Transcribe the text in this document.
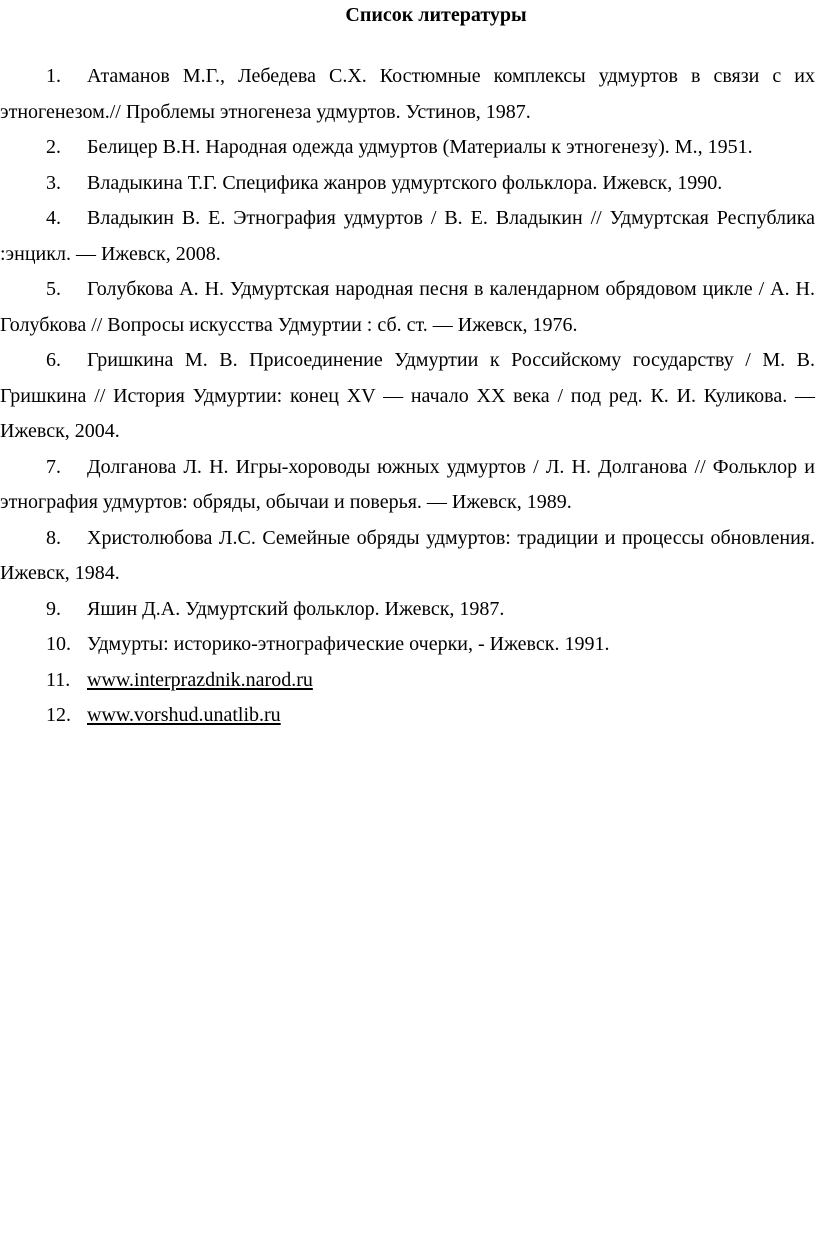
Список литературы
1. Атаманов М.Г., Лебедева С.Х. Костюмные комплексы удмуртов в связи с их этногенезом.// Проблемы этногенеза удмуртов. Устинов, 1987.
2. Белицер В.Н. Народная одежда удмуртов (Материалы к этногенезу). М., 1951.
3. Владыкина Т.Г. Специфика жанров удмуртского фольклора. Ижевск, 1990.
4. Владыкин В. Е. Этнография удмуртов / В. Е. Владыкин // Удмуртская Республика :энцикл. — Ижевск, 2008.
5. Голубкова А. Н. Удмуртская народная песня в календарном обрядовом цикле / А. Н. Голубкова // Вопросы искусства Удмуртии : сб. ст. — Ижевск, 1976.
6. Гришкина М. В. Присоединение Удмуртии к Российскому государству / М. В. Гришкина // История Удмуртии: конец XV — начало XX века / под ред. К. И. Куликова. — Ижевск, 2004.
7. Долганова Л. Н. Игры-хороводы южных удмуртов / Л. Н. Долганова // Фольклор и этнография удмуртов: обряды, обычаи и поверья. — Ижевск, 1989.
8. Христолюбова Л.С. Семейные обряды удмуртов: традиции и процессы обновления. Ижевск, 1984.
9. Яшин Д.А. Удмуртский фольклор. Ижевск, 1987.
10. Удмурты: историко-этнографические очерки, - Ижевск. 1991.
11. www.interprazdnik.narod.ru
12. www.vorshud.unatlib.ru
